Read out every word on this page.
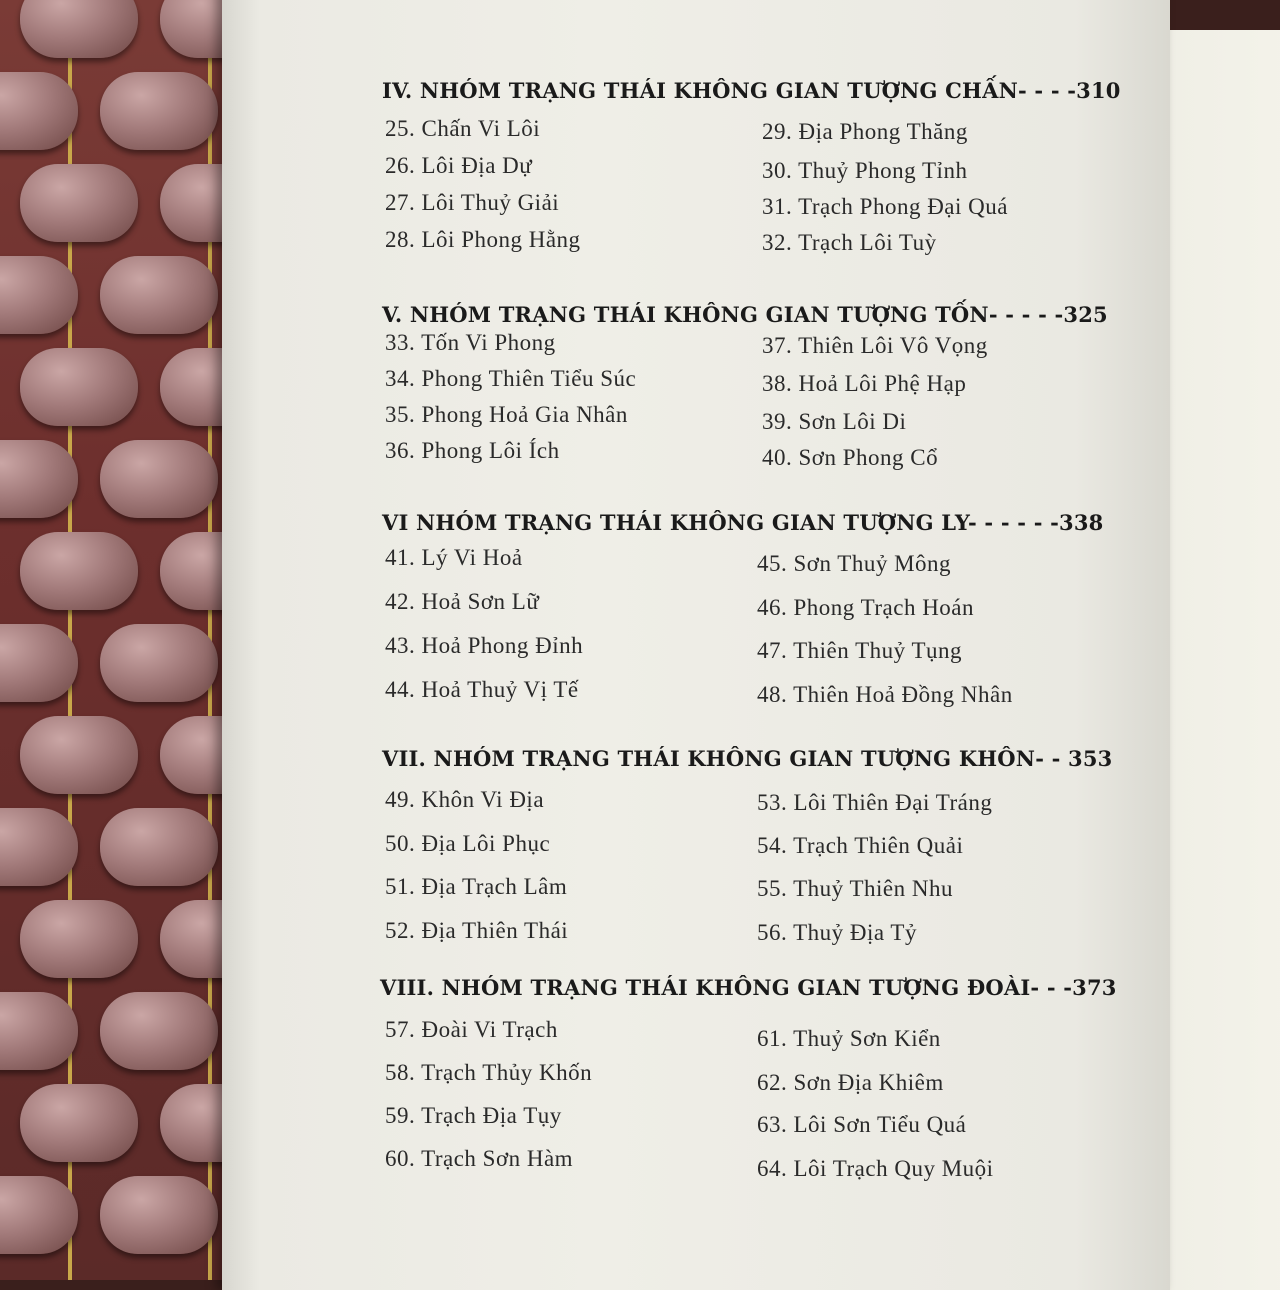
IV. NHÓM TRẠNG THÁI KHÔNG GIAN TƯỢNG CHẤN- - - -310
25. Chấn Vi Lôi
26. Lôi Địa Dự
27. Lôi Thuỷ Giải
28. Lôi Phong Hằng
29. Địa Phong Thăng
30. Thuỷ Phong Tỉnh
31. Trạch Phong Đại Quá
32. Trạch Lôi Tuỳ
V. NHÓM TRẠNG THÁI KHÔNG GIAN TƯỢNG TỐN- - - - -325
33. Tốn Vi Phong
34. Phong Thiên Tiểu Súc
35. Phong Hoả Gia Nhân
36. Phong Lôi Ích
37. Thiên Lôi Vô Vọng
38. Hoả Lôi Phệ Hạp
39. Sơn Lôi Di
40. Sơn Phong Cổ
VI NHÓM TRẠNG THÁI KHÔNG GIAN TƯỢNG LY- - - - - -338
41. Lý Vi Hoả
42. Hoả Sơn Lữ
43. Hoả Phong Đỉnh
44. Hoả Thuỷ Vị Tế
45. Sơn Thuỷ Mông
46. Phong Trạch Hoán
47. Thiên Thuỷ Tụng
48. Thiên Hoả Đồng Nhân
VII. NHÓM TRẠNG THÁI KHÔNG GIAN TƯỢNG KHÔN- - 353
49. Khôn Vi Địa
50. Địa Lôi Phục
51. Địa Trạch Lâm
52. Địa Thiên Thái
53. Lôi Thiên Đại Tráng
54. Trạch Thiên Quải
55. Thuỷ Thiên Nhu
56. Thuỷ Địa Tỷ
VIII. NHÓM TRẠNG THÁI KHÔNG GIAN TƯỢNG ĐOÀI- - -373
57. Đoài Vi Trạch
58. Trạch Thủy Khốn
59. Trạch Địa Tụy
60. Trạch Sơn Hàm
61. Thuỷ Sơn Kiển
62. Sơn Địa Khiêm
63. Lôi Sơn Tiểu Quá
64. Lôi Trạch Quy Muội
